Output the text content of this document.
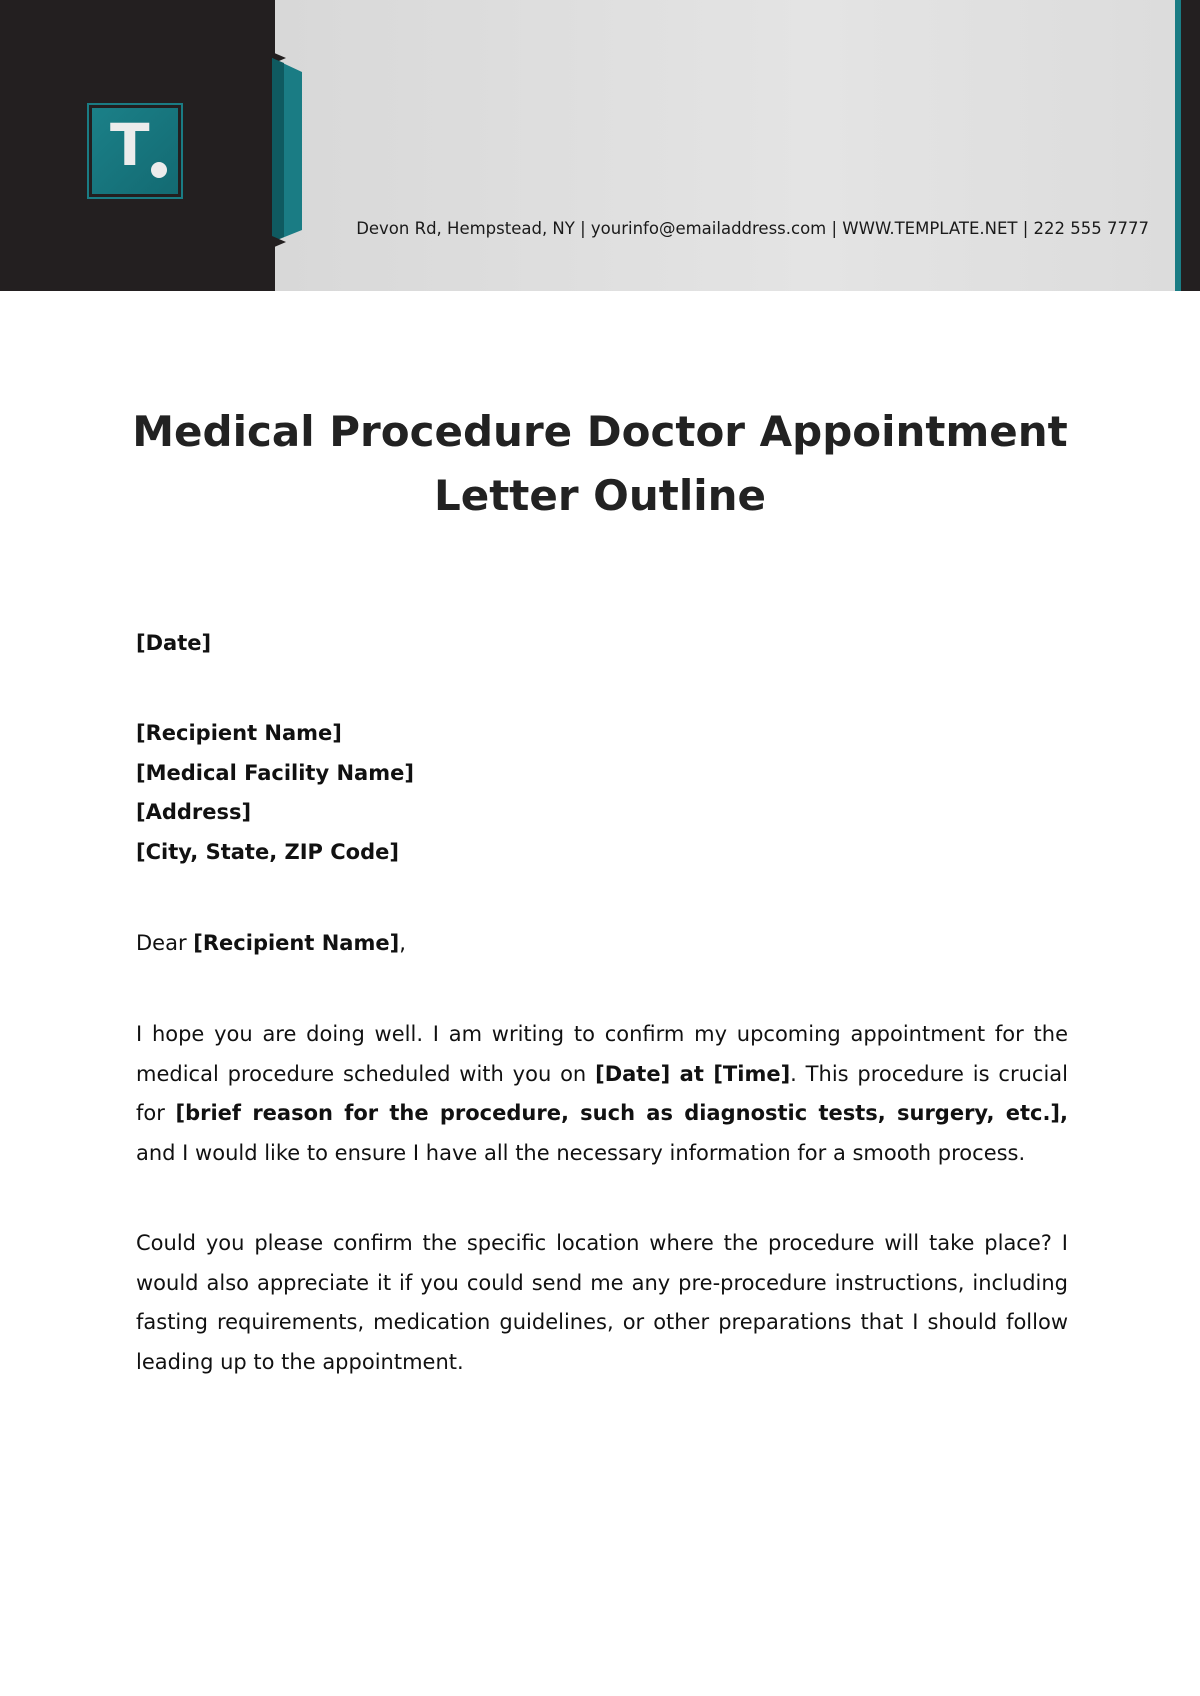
T
Devon Rd, Hempstead, NY | yourinfo@emailaddress.com | WWW.TEMPLATE.NET | 222 555 7777
Medical Procedure Doctor Appointment
Letter Outline
[Date]
[Recipient Name]
[Medical Facility Name]
[Address]
[City, State, ZIP Code]
Dear [Recipient Name],
I hope you are doing well. I am writing to confirm my upcoming appointment for the medical procedure scheduled with you on [Date] at [Time]. This procedure is crucial for [brief reason for the procedure, such as diagnostic tests, surgery, etc.], and I would like to ensure I have all the necessary information for a smooth process.
Could you please confirm the specific location where the procedure will take place? I would also appreciate it if you could send me any pre-procedure instructions, including fasting requirements, medication guidelines, or other preparations that I should follow leading up to the appointment.
